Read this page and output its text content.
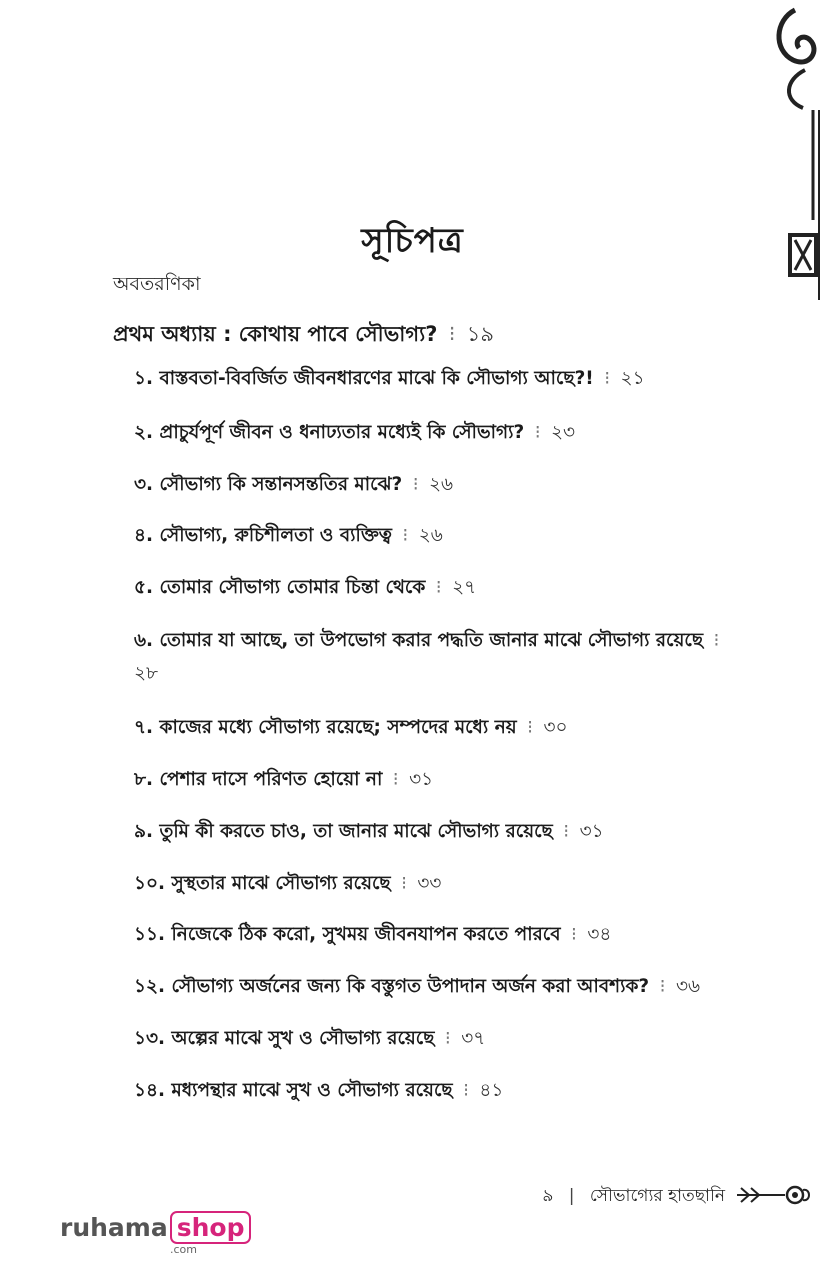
সূচিপত্র
অবতরণিকা
প্রথম অধ্যায় : কোথায় পাবে সৌভাগ্য? ⁝ ১৯
১. বাস্তবতা-বিবর্জিত জীবনধারণের মাঝে কি সৌভাগ্য আছে?! ⁝ ২১
২. প্রাচুর্যপূর্ণ জীবন ও ধনাঢ্যতার মধ্যেই কি সৌভাগ্য? ⁝ ২৩
৩. সৌভাগ্য কি সন্তানসন্ততির মাঝে? ⁝ ২৬
৪. সৌভাগ্য, রুচিশীলতা ও ব্যক্তিত্ব ⁝ ২৬
৫. তোমার সৌভাগ্য তোমার চিন্তা থেকে ⁝ ২৭
৬. তোমার যা আছে, তা উপভোগ করার পদ্ধতি জানার মাঝে সৌভাগ্য রয়েছে ⁝ ২৮
৭. কাজের মধ্যে সৌভাগ্য রয়েছে; সম্পদের মধ্যে নয় ⁝ ৩০
৮. পেশার দাসে পরিণত হোয়ো না ⁝ ৩১
৯. তুমি কী করতে চাও, তা জানার মাঝে সৌভাগ্য রয়েছে ⁝ ৩১
১০. সুস্থতার মাঝে সৌভাগ্য রয়েছে ⁝ ৩৩
১১. নিজেকে ঠিক করো, সুখময় জীবনযাপন করতে পারবে ⁝ ৩৪
১২. সৌভাগ্য অর্জনের জন্য কি বস্তুগত উপাদান অর্জন করা আবশ্যক? ⁝ ৩৬
১৩. অল্পের মাঝে সুখ ও সৌভাগ্য রয়েছে ⁝ ৩৭
১৪. মধ্যপন্থার মাঝে সুখ ও সৌভাগ্য রয়েছে ⁝ ৪১
৯ | সৌভাগ্যের হাতছানি
ruhama shop
.com
